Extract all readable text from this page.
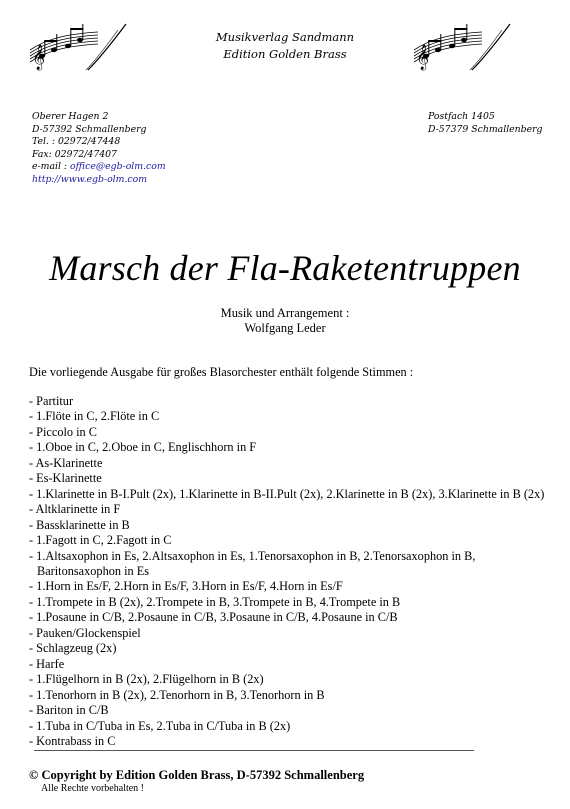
𝄞	𝄞
Musikverlag Sandmann
Edition Golden Brass
Oberer Hagen 2
D-57392 Schmallenberg
Tel. : 02972/47448
Fax: 02972/47407
e-mail : office@egb-olm.com
http://www.egb-olm.com
Postfach 1405
D-57379 Schmallenberg
Marsch der Fla-Raketentruppen
Musik und Arrangement :
Wolfgang Leder
Die vorliegende Ausgabe für großes Blasorchester enthält folgende Stimmen :
- Partitur
- 1.Flöte in C, 2.Flöte in C
- Piccolo in C
- 1.Oboe in C, 2.Oboe in C, Englischhorn in F
- As-Klarinette
- Es-Klarinette
- 1.Klarinette in B-I.Pult (2x), 1.Klarinette in B-II.Pult (2x), 2.Klarinette in B (2x), 3.Klarinette in B (2x)
- Altklarinette in F
- Bassklarinette in B
- 1.Fagott in C, 2.Fagott in C
- 1.Altsaxophon in Es, 2.Altsaxophon in Es, 1.Tenorsaxophon in B, 2.Tenorsaxophon in B,
Baritonsaxophon in Es
- 1.Horn in Es/F, 2.Horn in Es/F, 3.Horn in Es/F, 4.Horn in Es/F
- 1.Trompete in B (2x), 2.Trompete in B, 3.Trompete in B, 4.Trompete in B
- 1.Posaune in C/B, 2.Posaune in C/B, 3.Posaune in C/B, 4.Posaune in C/B
- Pauken/Glockenspiel
- Schlagzeug (2x)
- Harfe
- 1.Flügelhorn in B (2x), 2.Flügelhorn in B (2x)
- 1.Tenorhorn in B (2x), 2.Tenorhorn in B, 3.Tenorhorn in B
- Bariton in C/B
- 1.Tuba in C/Tuba in Es, 2.Tuba in C/Tuba in B (2x)
- Kontrabass in C
© Copyright by Edition Golden Brass, D-57392 Schmallenberg
Alle Rechte vorbehalten !
